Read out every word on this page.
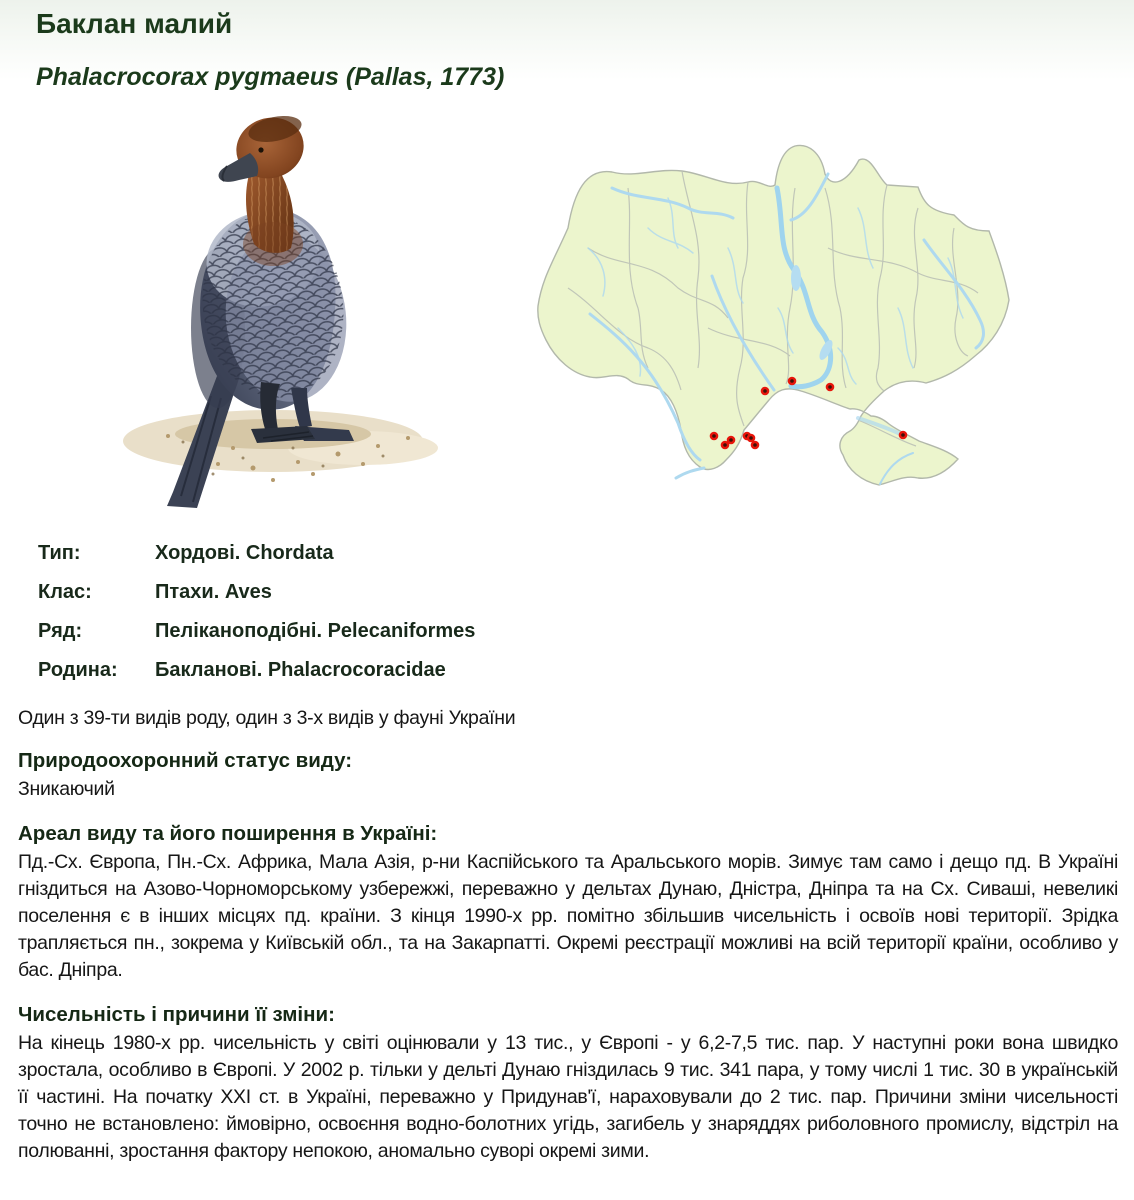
Баклан малий
Phalacrocorax pygmaeus (Pallas, 1773)
Тип:	Хордові. Chordata
Клас:	Птахи. Aves
Ряд:	Пеліканоподібні. Pelecaniformes
Родина:	Бакланові. Phalacrocoracidae
Один з 39-ти видів роду, один з 3-х видів у фауні України
Природоохоронний статус виду:

Зникаючий

Ареал виду та його поширення в Україні:

Пд.-Сх. Європа, Пн.-Сх. Африка, Мала Азія, р-ни Каспійського та Аральського морів. Зимує там само і дещо пд. В Україні гніздиться на Азово-Чорноморському узбережжі, переважно у дельтах Дунаю, Дністра, Дніпра та на Сх. Сиваші, невеликі поселення є в інших місцях пд. країни. З кінця 1990-х рр. помітно збільшив чисельність і освоїв нові території. Зрідка трапляється пн., зокрема у Київській обл., та на Закарпатті. Окремі реєстрації можливі на всій території країни, особливо у бас. Дніпра.

Чисельність і причини її зміни:

На кінець 1980-х рр. чисельність у світі оцінювали у 13 тис., у Європі - у 6,2-7,5 тис. пар. У наступні роки вона швидко зростала, особливо в Європі. У 2002 р. тільки у дельті Дунаю гніздилась 9 тис. 341 пара, у тому числі 1 тис. 30 в українській її частині. На початку XXI ст. в Україні, переважно у Придунав'ї, нараховували до 2 тис. пар. Причини зміни чисельності точно не встановлено: ймовірно, освоєння водно-болотних угідь, загибель у знаряддях риболовного промислу, відстріл на полюванні, зростання фактору непокою, аномально суворі окремі зими.
